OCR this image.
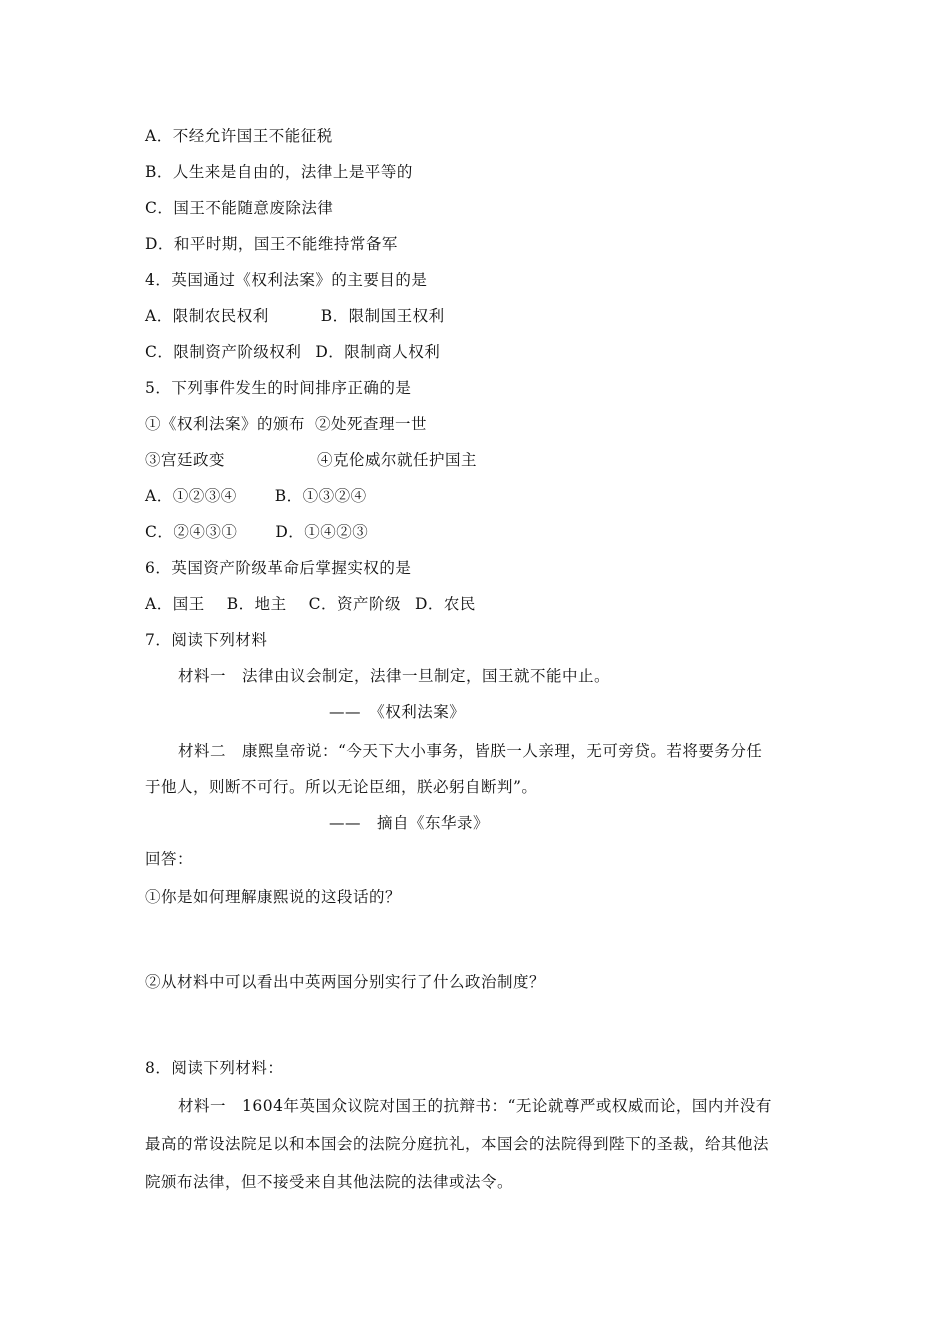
A．不经允许国王不能征税
B．人生来是自由的，法律上是平等的
C．国王不能随意废除法律
D．和平时期，国王不能维持常备军
4．英国通过《权利法案》的主要目的是
A．限制农民权利	B．限制国王权利
C．限制资产阶级权利 D．限制商人权利
5．下列事件发生的时间排序正确的是
①《权利法案》的颁布 ②处死查理一世
③宫廷政变	④克伦威尔就任护国主
A．①②③④ B．①③②④
C．②④③① D．①④②③
6．英国资产阶级革命后掌握实权的是
A．国王 B．地主 C．资产阶级 D．农民
7．阅读下列材料
材料一　法律由议会制定，法律一旦制定，国王就不能中止。
——　《权利法案》
材料二　康熙皇帝说：“今天下大小事务，皆朕一人亲理，无可旁贷。若将要务分任
于他人，则断不可行。所以无论臣细，朕必躬自断判”。
——　摘自《东华录》
回答：
①你是如何理解康熙说的这段话的？
②从材料中可以看出中英两国分别实行了什么政治制度？
8．阅读下列材料：
材料一　1604年英国众议院对国王的抗辩书：“无论就尊严或权威而论，国内并没有
最高的常设法院足以和本国会的法院分庭抗礼，本国会的法院得到陛下的圣裁，给其他法
院颁布法律，但不接受来自其他法院的法律或法令。
